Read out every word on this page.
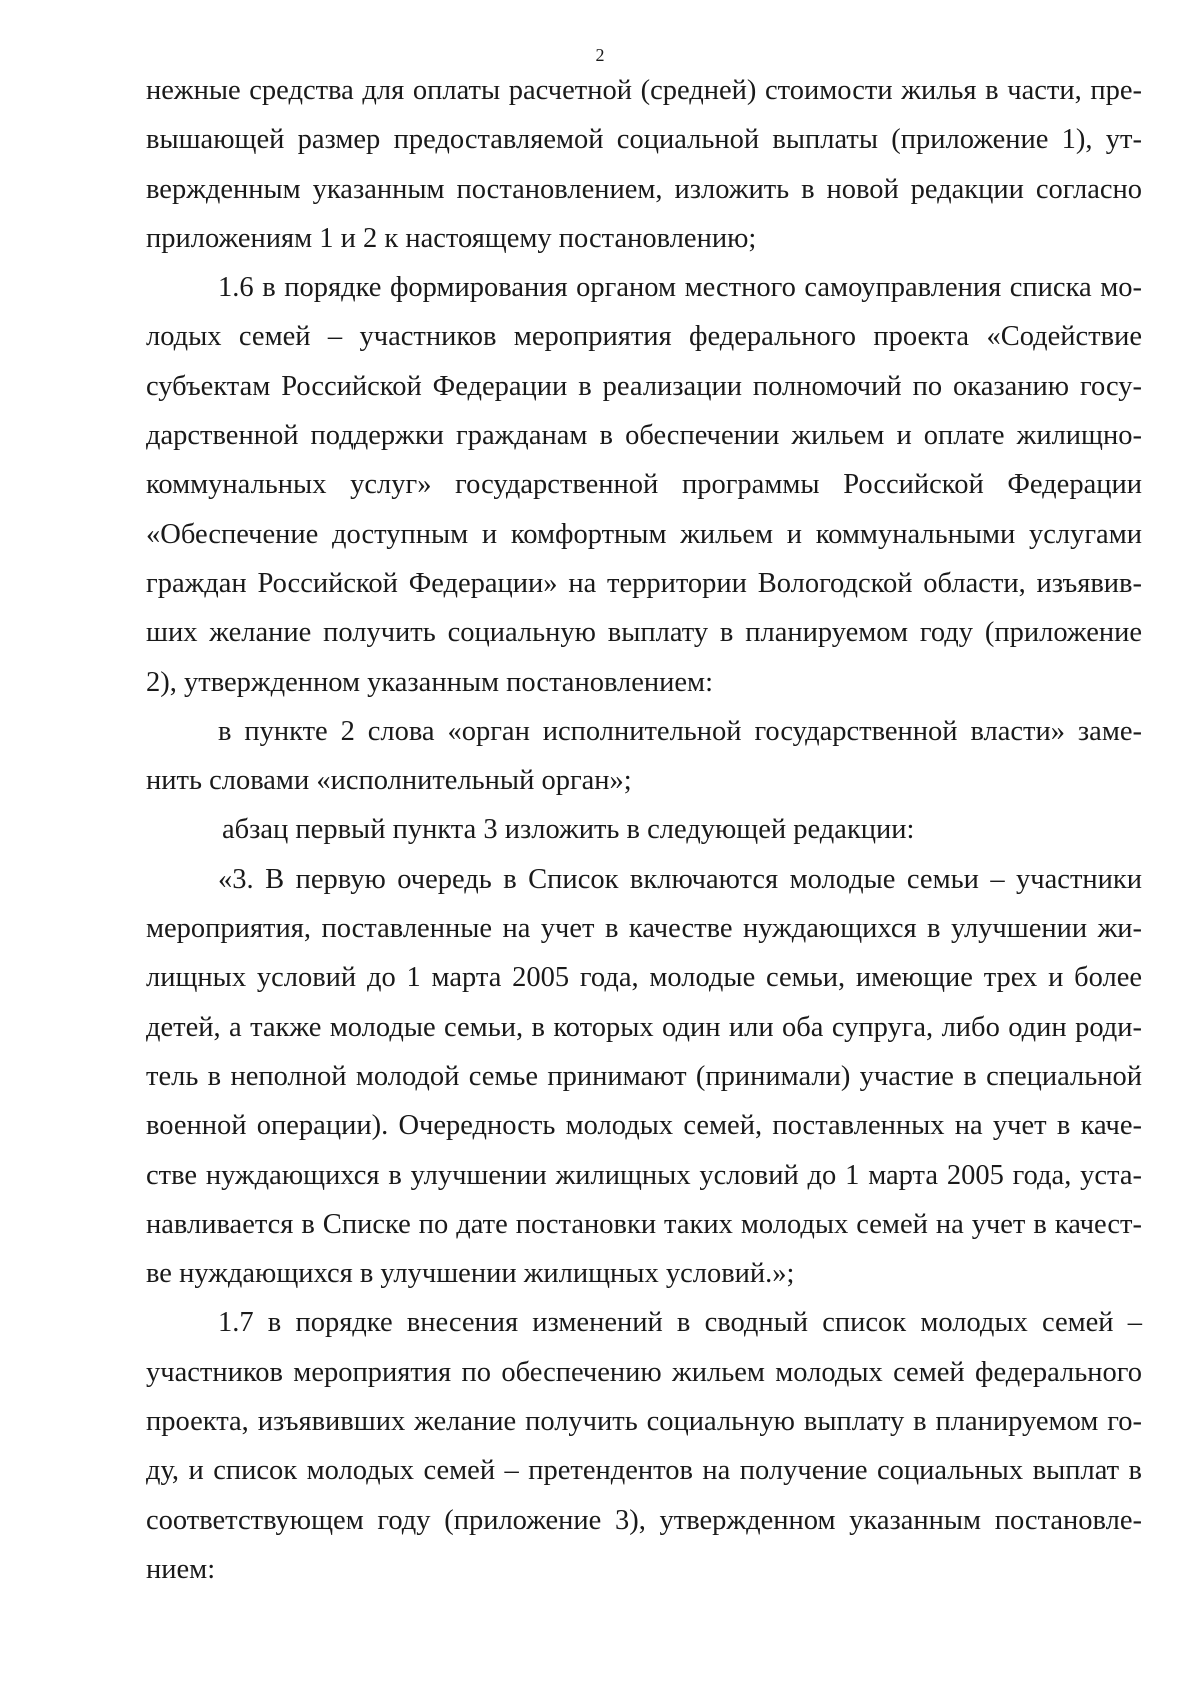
2
нежные средства для оплаты расчетной (средней) стоимости жилья в части, пре-
вышающей размер предоставляемой социальной выплаты (приложение 1), ут-
вержденным указанным постановлением, изложить в новой редакции согласно
приложениям 1 и 2 к настоящему постановлению;
1.6 в порядке формирования органом местного самоуправления списка мо-
лодых семей – участников мероприятия федерального проекта «Содействие
субъектам Российской Федерации в реализации полномочий по оказанию госу-
дарственной поддержки гражданам в обеспечении жильем и оплате жилищно-
коммунальных услуг» государственной программы Российской Федерации
«Обеспечение доступным и комфортным жильем и коммунальными услугами
граждан Российской Федерации» на территории Вологодской области, изъявив-
ших желание получить социальную выплату в планируемом году (приложение
2), утвержденном указанным постановлением:
в пункте 2 слова «орган исполнительной государственной власти» заме-
нить словами «исполнительный орган»;
абзац первый пункта 3 изложить в следующей редакции:
«3. В первую очередь в Список включаются молодые семьи – участники
мероприятия, поставленные на учет в качестве нуждающихся в улучшении жи-
лищных условий до 1 марта 2005 года, молодые семьи, имеющие трех и более
детей, а также молодые семьи, в которых один или оба супруга, либо один роди-
тель в неполной молодой семье принимают (принимали) участие в специальной
военной операции). Очередность молодых семей, поставленных на учет в каче-
стве нуждающихся в улучшении жилищных условий до 1 марта 2005 года, уста-
навливается в Списке по дате постановки таких молодых семей на учет в качест-
ве нуждающихся в улучшении жилищных условий.»;
1.7 в порядке внесения изменений в сводный список молодых семей –
участников мероприятия по обеспечению жильем молодых семей федерального
проекта, изъявивших желание получить социальную выплату в планируемом го-
ду, и список молодых семей – претендентов на получение социальных выплат в
соответствующем году (приложение 3), утвержденном указанным постановле-
нием:
